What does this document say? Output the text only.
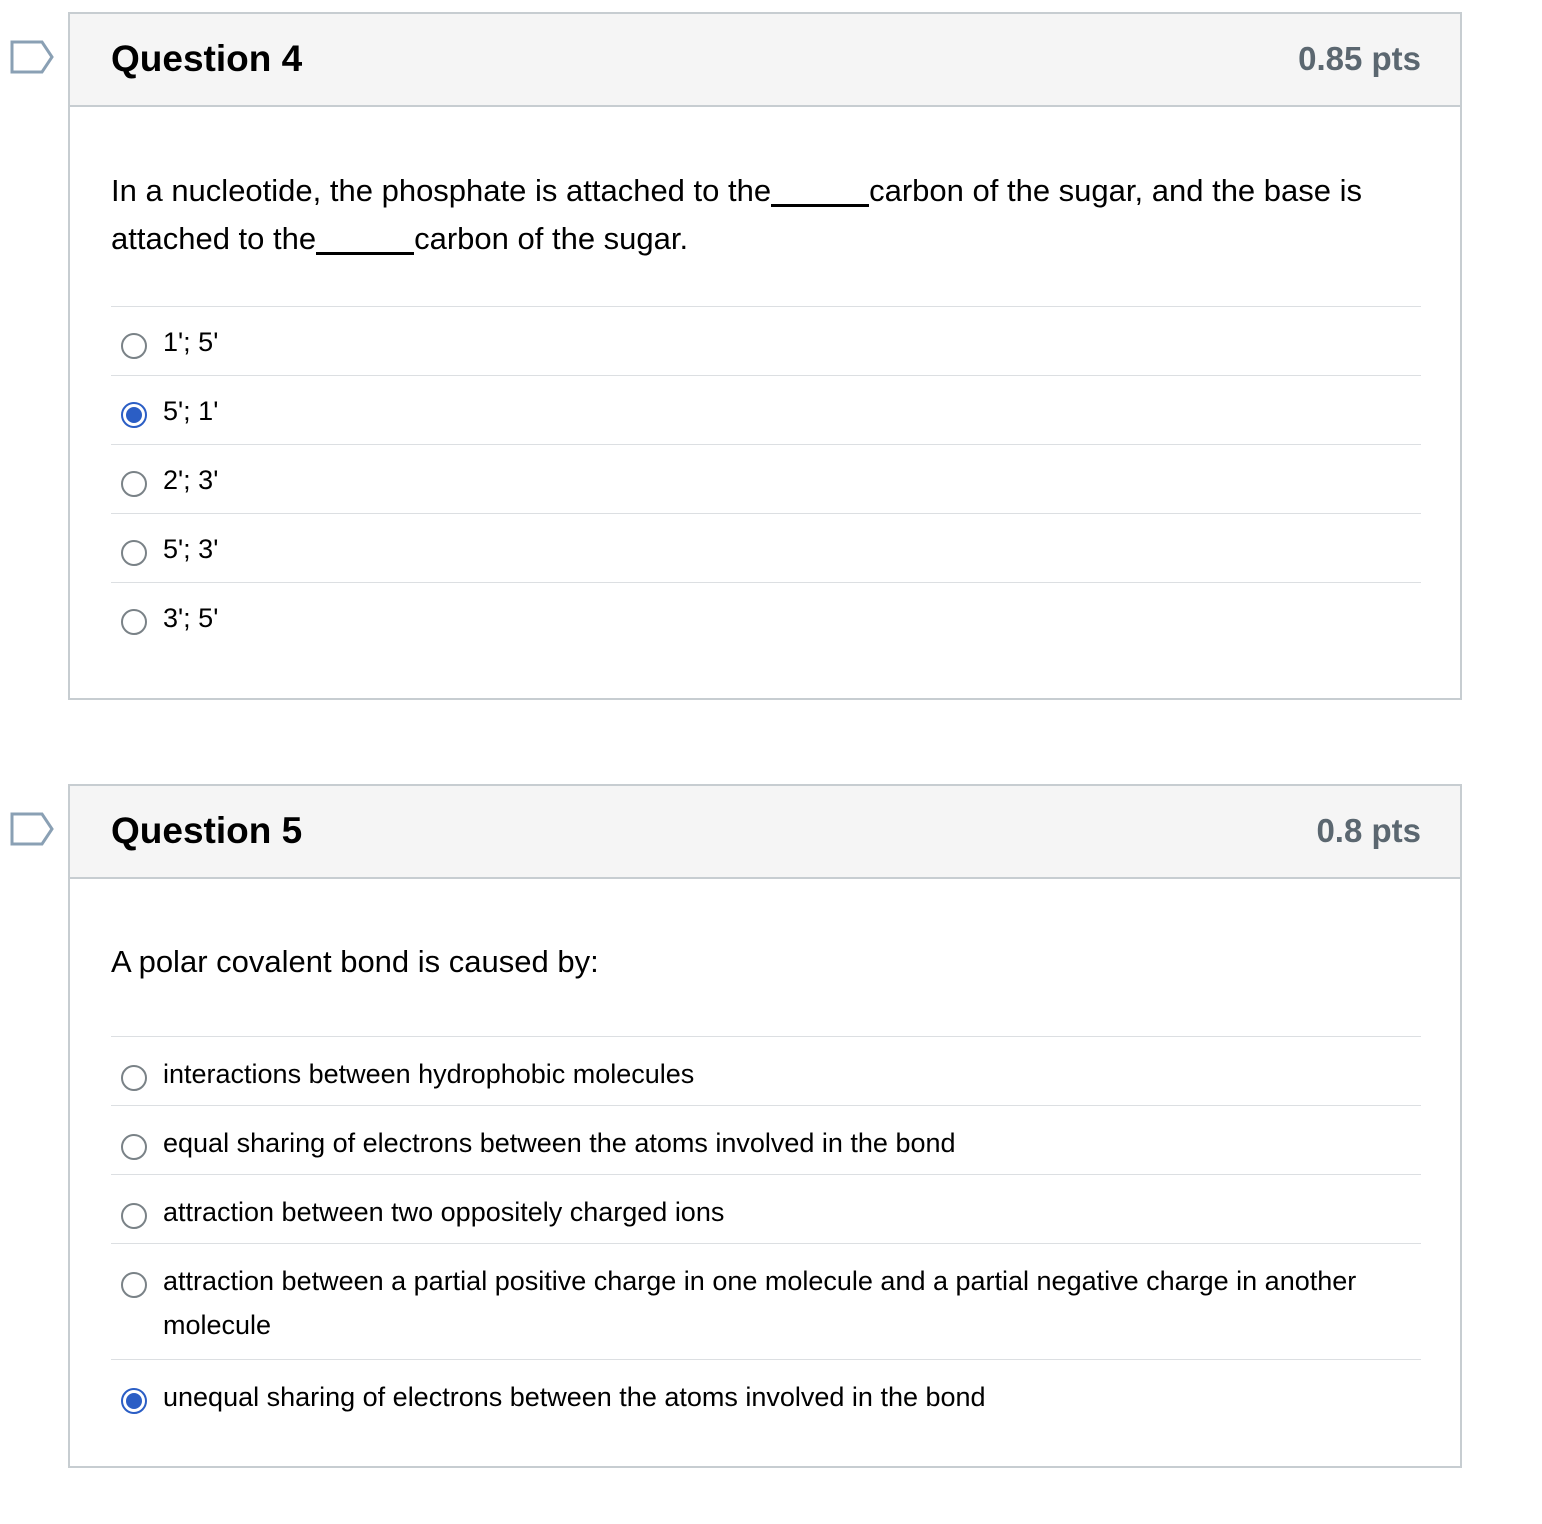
Question 4	0.85 pts
In a nucleotide, the phosphate is attached to the	carbon of the sugar, and the base is attached to the	carbon of the sugar.
1'; 5'
5'; 1'
2'; 3'
5'; 3'
3'; 5'
Question 5	0.8 pts
A polar covalent bond is caused by:
interactions between hydrophobic molecules
equal sharing of electrons between the atoms involved in the bond
attraction between two oppositely charged ions
attraction between a partial positive charge in one molecule and a partial negative charge in another molecule
unequal sharing of electrons between the atoms involved in the bond
